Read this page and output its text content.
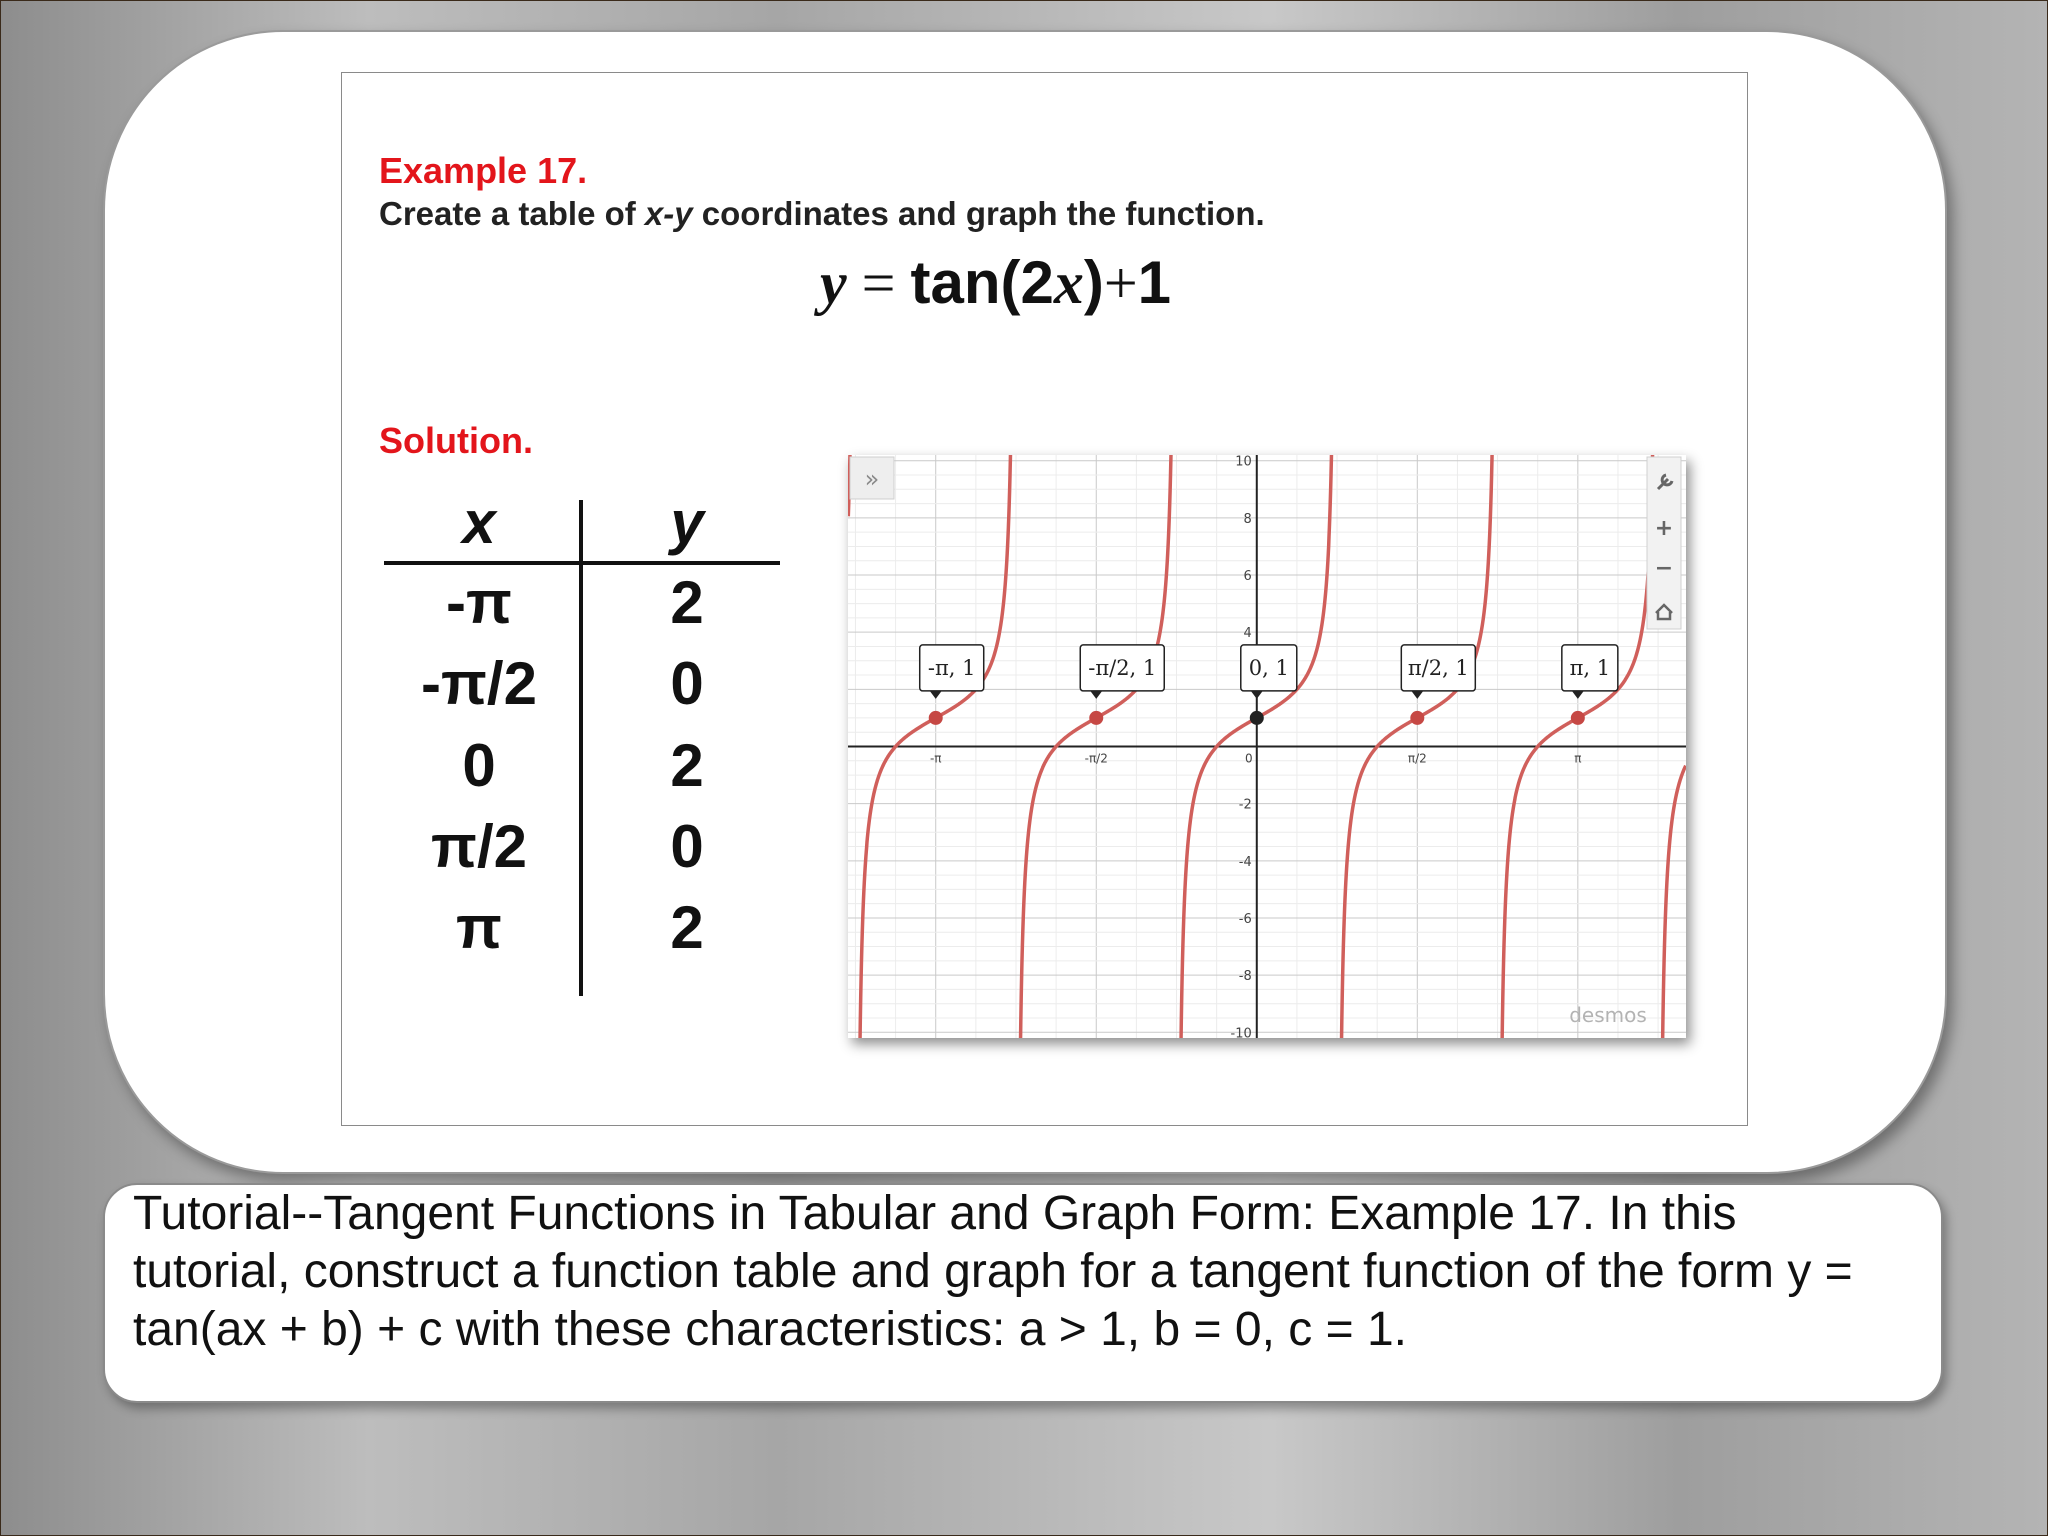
Example 17.

Create a table of x-y coordinates and graph the function.

y = tan(2x)+1

Solution.

x	y
-π	2
-π/2	0
0	2
π/2	0
π	2
-π, 1	-π/2, 1	0, 1	π/2, 1	π, 1
-π	-π/2	0	π/2	π
10
8
6
4
-2
-4
-6
-8
-10
»
+
−
desmos

Tutorial--Tangent Functions in Tabular and Graph Form: Example 17. In this tutorial, construct a function table and graph for a tangent function of the form y = tan(ax + b) + c with these characteristics: a > 1, b = 0, c = 1.
